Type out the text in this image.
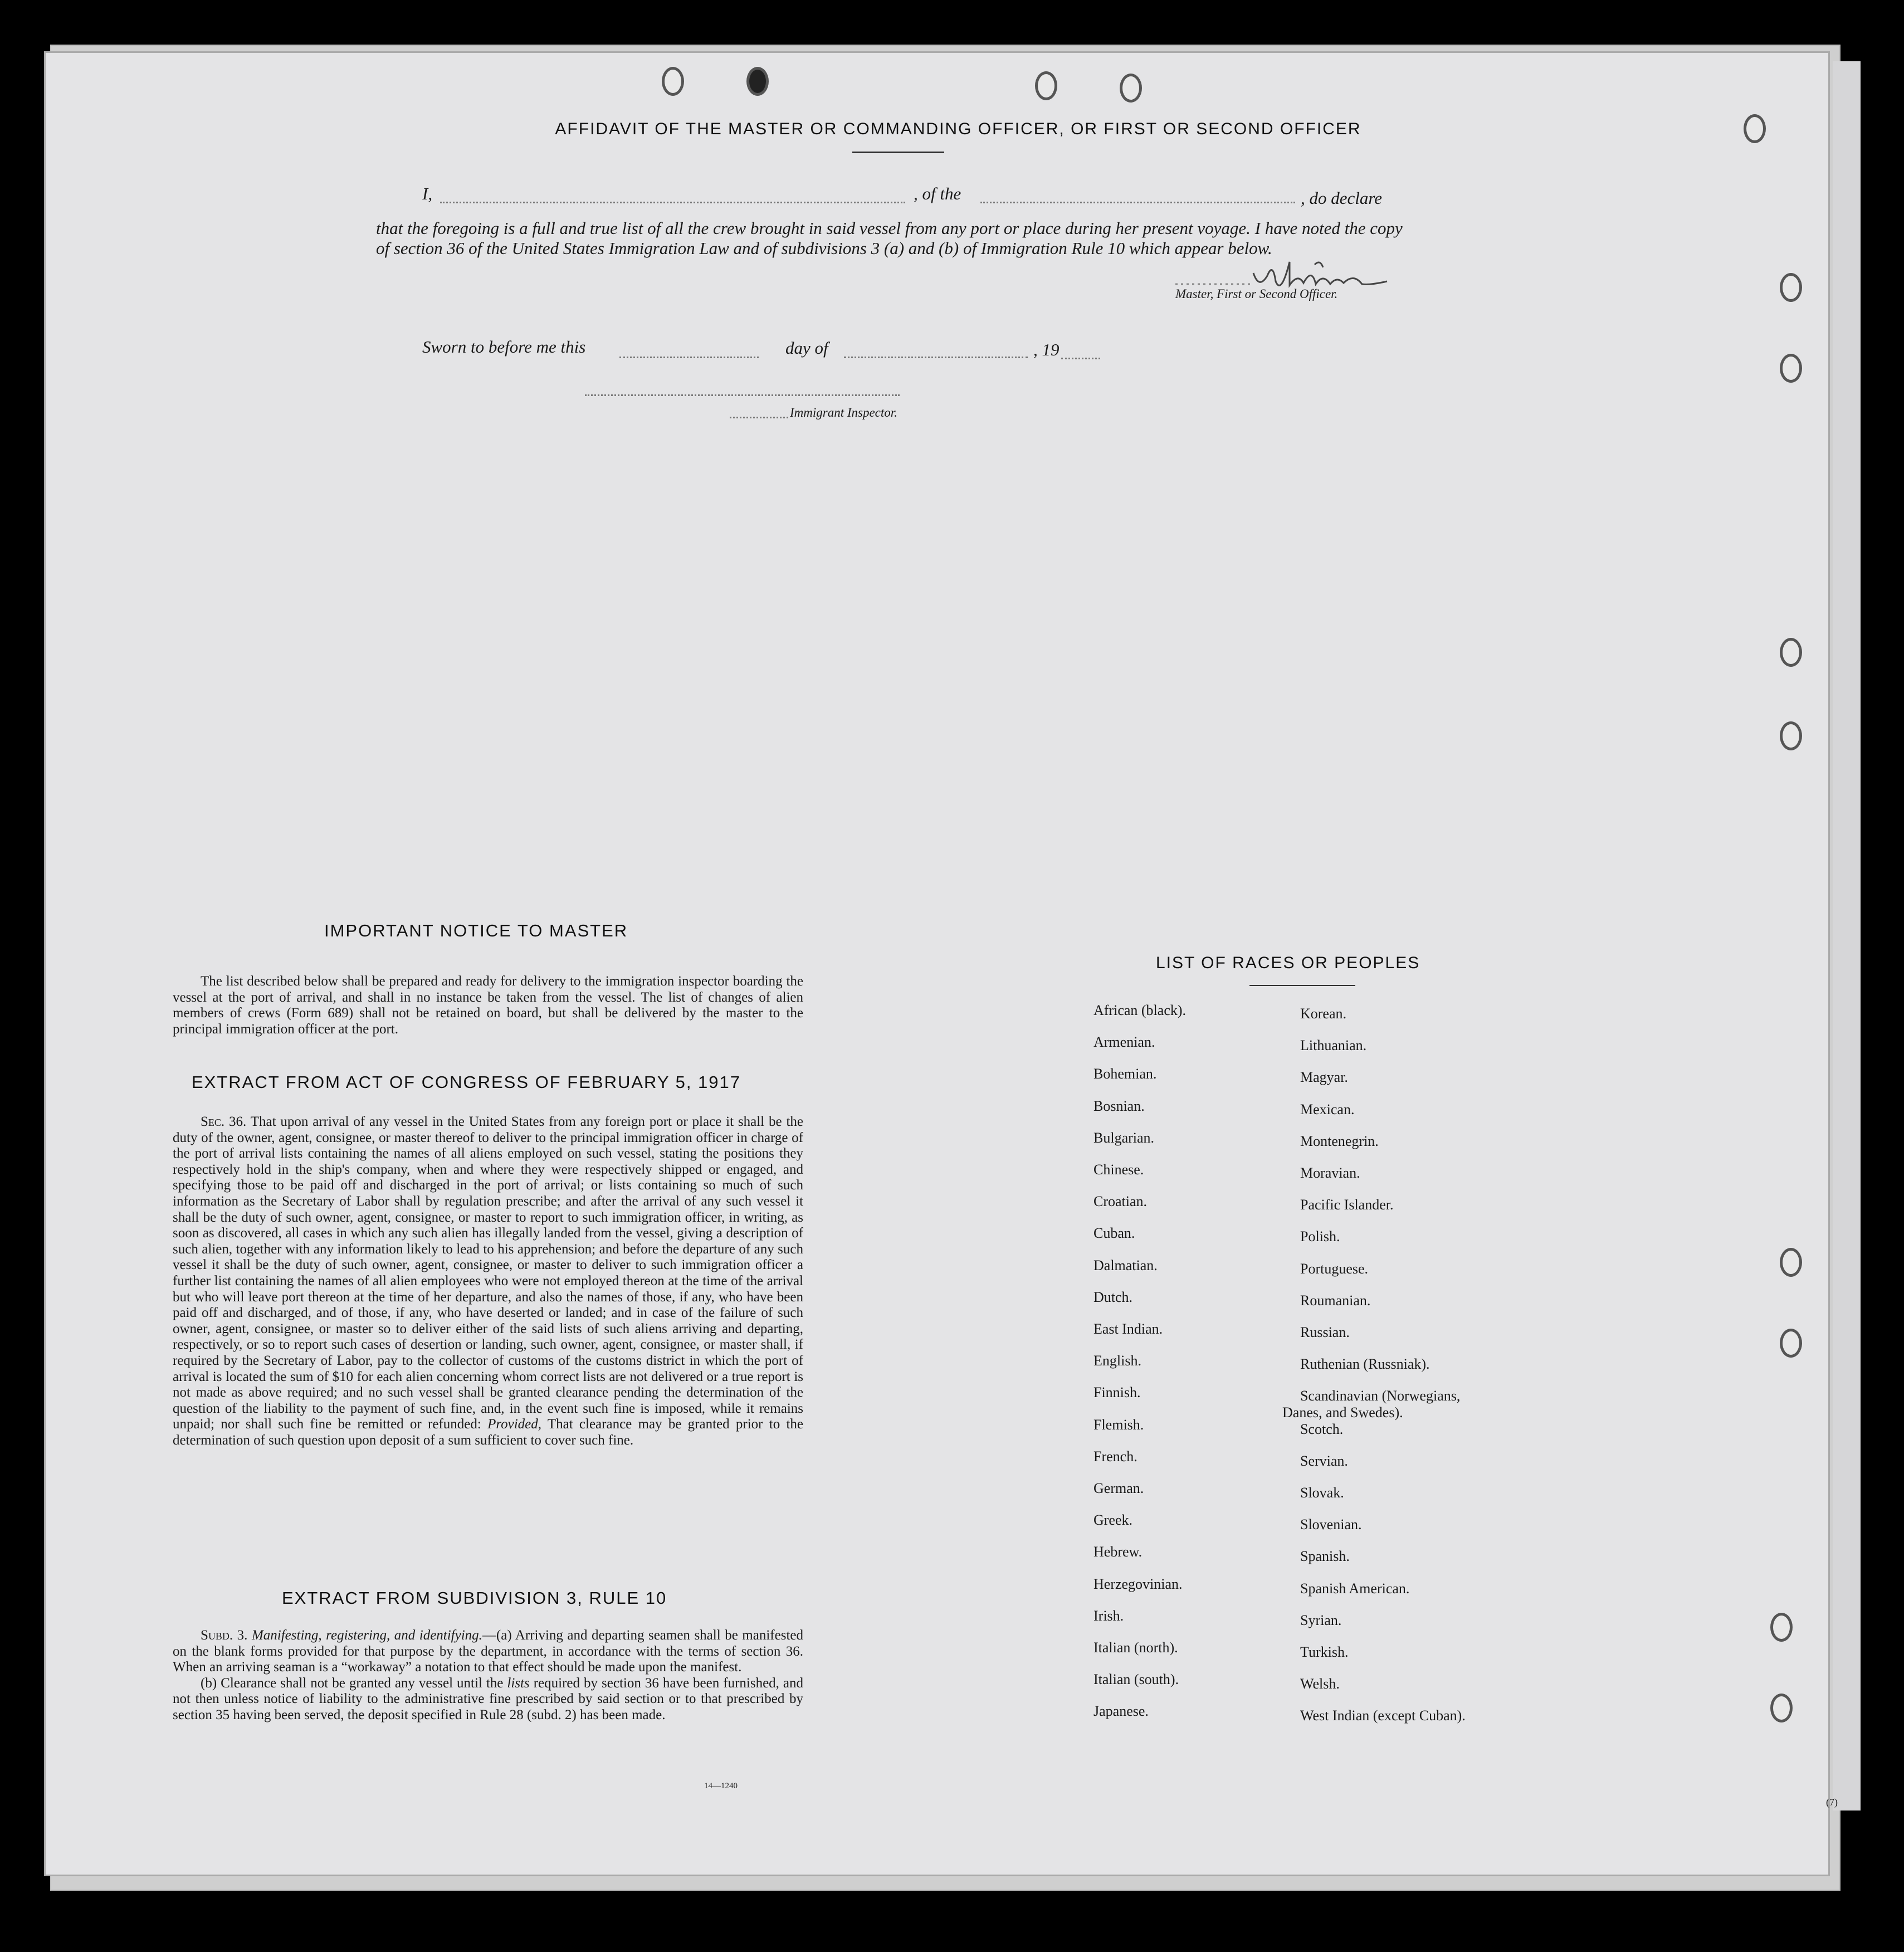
AFFIDAVIT OF THE MASTER OR COMMANDING OFFICER, OR FIRST OR SECOND OFFICER
I,	, of the	, do declare
that the foregoing is a full and true list of all the crew brought in said vessel from any port or place during her present voyage. I have noted the copy of section 36 of the United States Immigration Law and of subdivisions 3 (a) and (b) of Immigration Rule 10 which appear below.
Master, First or Second Officer.
Sworn to before me this	day of	, 19
Immigrant Inspector.
IMPORTANT NOTICE TO MASTER
The list described below shall be prepared and ready for delivery to the immigration inspector boarding the vessel at the port of arrival, and shall in no instance be taken from the vessel. The list of changes of alien members of crews (Form 689) shall not be retained on board, but shall be delivered by the master to the principal immigration officer at the port.
EXTRACT FROM ACT OF CONGRESS OF FEBRUARY 5, 1917

Sec. 36. That upon arrival of any vessel in the United States from any foreign port or place it shall be the duty of the owner, agent, consignee, or master thereof to deliver to the principal immigration officer in charge of the port of arrival lists containing the names of all aliens employed on such vessel, stating the positions they respectively hold in the ship's company, when and where they were respectively shipped or engaged, and specifying those to be paid off and discharged in the port of arrival; or lists containing so much of such information as the Secretary of Labor shall by regulation prescribe; and after the arrival of any such vessel it shall be the duty of such owner, agent, consignee, or master to report to such immigration officer, in writing, as soon as discovered, all cases in which any such alien has illegally landed from the vessel, giving a description of such alien, together with any information likely to lead to his apprehension; and before the departure of any such vessel it shall be the duty of such owner, agent, consignee, or master to deliver to such immigration officer a further list containing the names of all alien employees who were not employed thereon at the time of the arrival but who will leave port thereon at the time of her departure, and also the names of those, if any, who have been paid off and discharged, and of those, if any, who have deserted or landed; and in case of the failure of such owner, agent, consignee, or master so to deliver either of the said lists of such aliens arriving and departing, respectively, or so to report such cases of desertion or landing, such owner, agent, consignee, or master shall, if required by the Secretary of Labor, pay to the collector of customs of the customs district in which the port of arrival is located the sum of $10 for each alien concerning whom correct lists are not delivered or a true report is not made as above required; and no such vessel shall be granted clearance pending the determination of the question of the liability to the payment of such fine, and, in the event such fine is imposed, while it remains unpaid; nor shall such fine be remitted or refunded: Provided, That clearance may be granted prior to the determination of such question upon deposit of a sum sufficient to cover such fine.

EXTRACT FROM SUBDIVISION 3, RULE 10

Subd. 3. Manifesting, registering, and identifying.—(a) Arriving and departing seamen shall be manifested on the blank forms provided for that purpose by the department, in accordance with the terms of section 36. When an arriving seaman is a “workaway” a notation to that effect should be made upon the manifest.

(b) Clearance shall not be granted any vessel until the lists required by section 36 have been furnished, and not then unless notice of liability to the administrative fine prescribed by said section or to that prescribed by section 35 having been served, the deposit specified in Rule 28 (subd. 2) has been made.

14—1240
LIST OF RACES OR PEOPLES
African (black).
Armenian.
Bohemian.
Bosnian.
Bulgarian.
Chinese.
Croatian.
Cuban.
Dalmatian.
Dutch.
East Indian.
English.
Finnish.
Flemish.
French.
German.
Greek.
Hebrew.
Herzegovinian.
Irish.
Italian (north).
Italian (south).
Japanese.
Korean.
Lithuanian.
Magyar.
Mexican.
Montenegrin.
Moravian.
Pacific Islander.
Polish.
Portuguese.
Roumanian.
Russian.
Ruthenian (Russniak).
Scandinavian (Norwegians,
Scotch.
Servian.
Slovak.
Slovenian.
Spanish.
Spanish American.
Syrian.
Turkish.
Welsh.
West Indian (except Cuban).
Danes, and Swedes).
(7)
